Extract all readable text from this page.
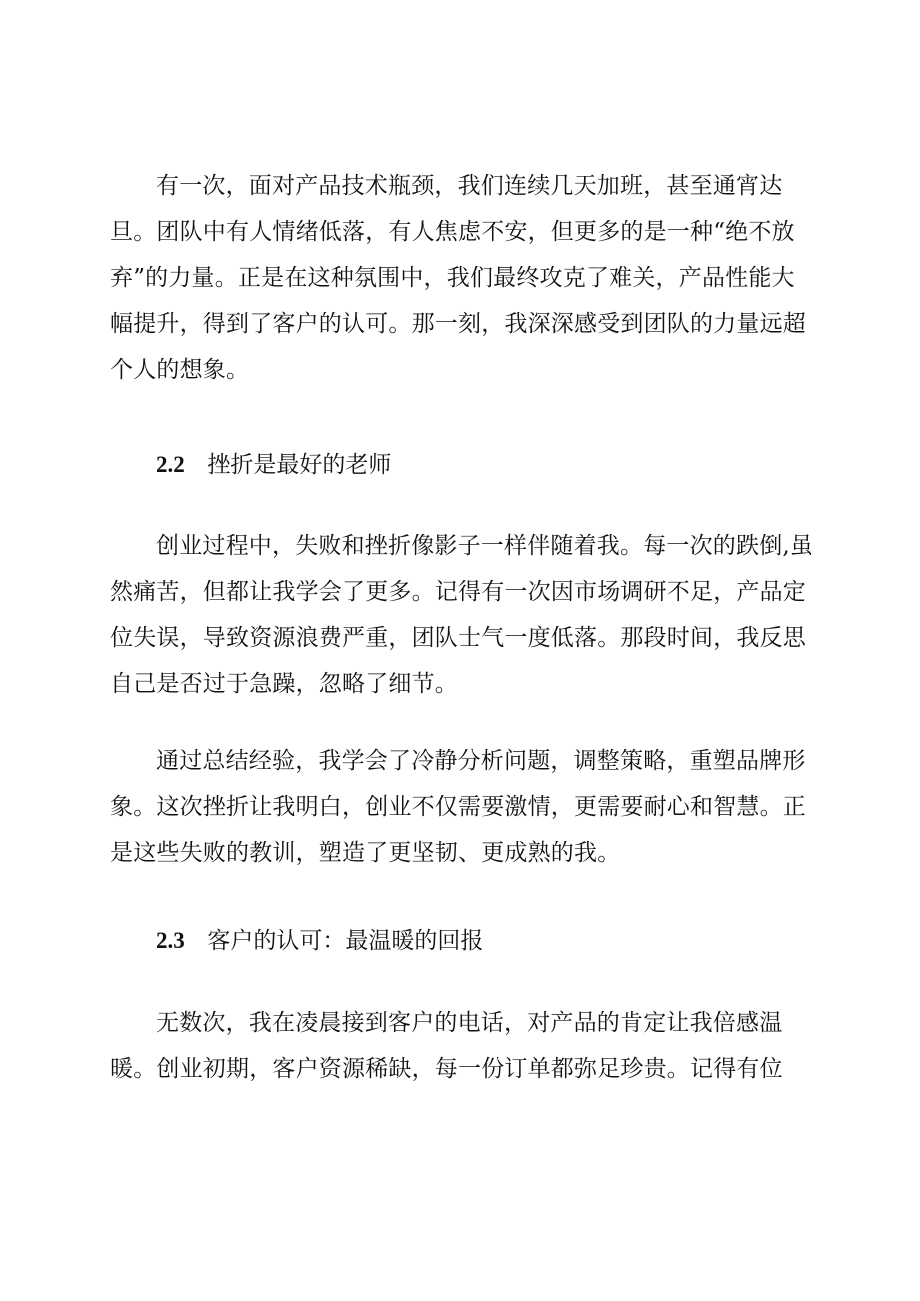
有一次，面对产品技术瓶颈，我们连续几天加班，甚至通宵达
旦。团队中有人情绪低落，有人焦虑不安，但更多的是一种“绝不放
弃”的力量。正是在这种氛围中，我们最终攻克了难关，产品性能大
幅提升，得到了客户的认可。那一刻，我深深感受到团队的力量远超
个人的想象。
2.2 挫折是最好的老师
创业过程中，失败和挫折像影子一样伴随着我。每一次的跌倒,虽
然痛苦，但都让我学会了更多。记得有一次因市场调研不足，产品定
位失误，导致资源浪费严重，团队士气一度低落。那段时间，我反思
自己是否过于急躁，忽略了细节。
通过总结经验，我学会了冷静分析问题，调整策略，重塑品牌形
象。这次挫折让我明白，创业不仅需要激情，更需要耐心和智慧。正
是这些失败的教训，塑造了更坚韧、更成熟的我。
2.3 客户的认可：最温暖的回报
无数次，我在凌晨接到客户的电话，对产品的肯定让我倍感温
暖。创业初期，客户资源稀缺，每一份订单都弥足珍贵。记得有位
